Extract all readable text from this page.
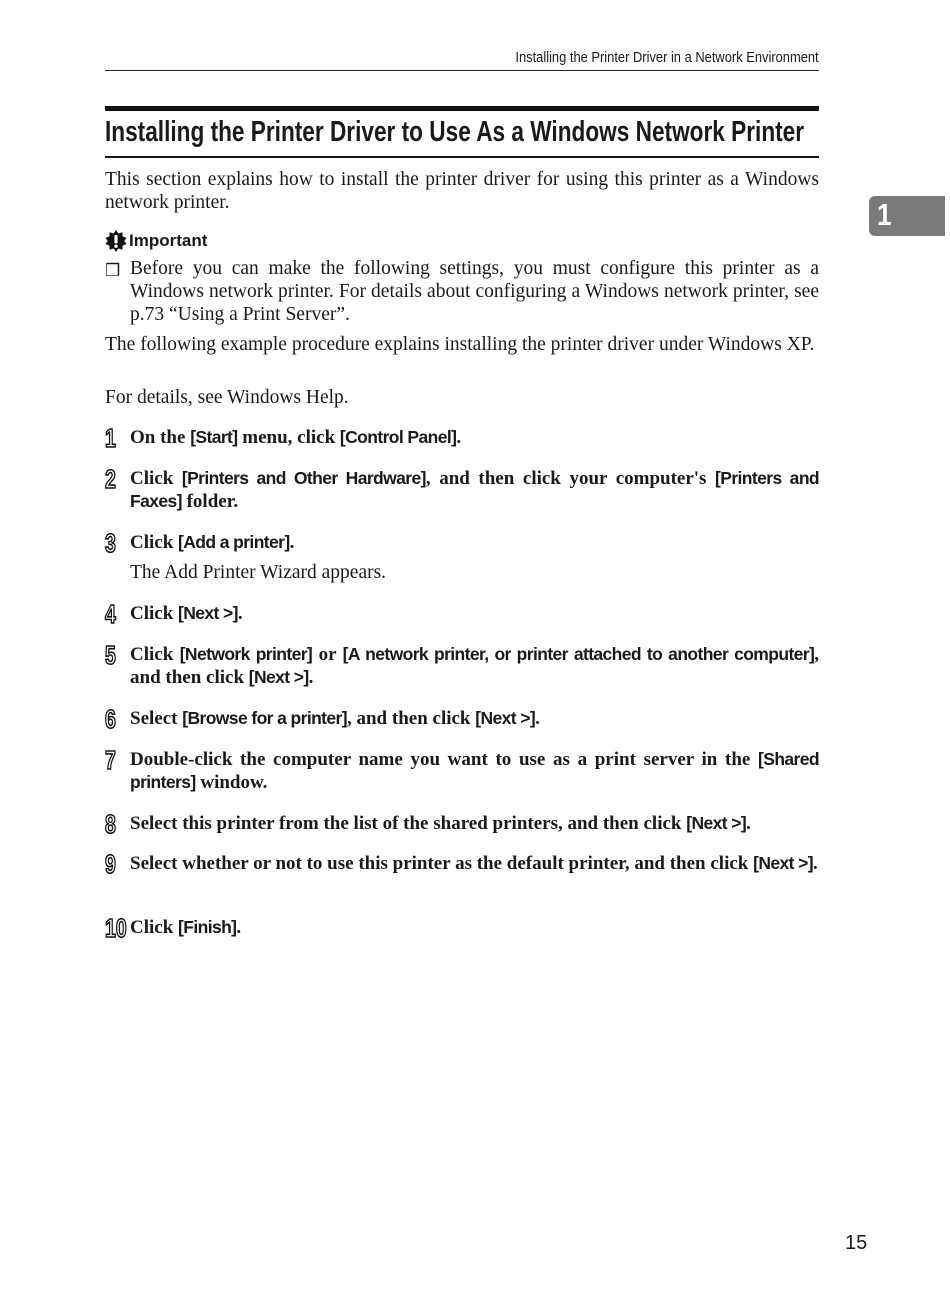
Installing the Printer Driver in a Network Environment
Installing the Printer Driver to Use As a Windows Network Printer
1

This section explains how to install the printer driver for using this printer as a Windows network printer.

Important
❒ Before you can make the following settings, you must configure this printer as a Windows network printer. For details about configuring a Windows network printer, see p.73 “Using a Print Server”.

The following example procedure explains installing the printer driver under Windows XP.

For details, see Windows Help.

1 On the [Start] menu, click [Control Panel].
2 Click [Printers and Other Hardware], and then click your computer's [Printers and Faxes] folder.
3 Click [Add a printer].
The Add Printer Wizard appears.
4 Click [Next >].
5 Click [Network printer] or [A network printer, or printer attached to another computer], and then click [Next >].
6 Select [Browse for a printer], and then click [Next >].
7 Double-click the computer name you want to use as a print server in the [Shared printers] window.
8 Select this printer from the list of the shared printers, and then click [Next >].
9 Select whether or not to use this printer as the default printer, and then click [Next >].
10 Click [Finish].
15
